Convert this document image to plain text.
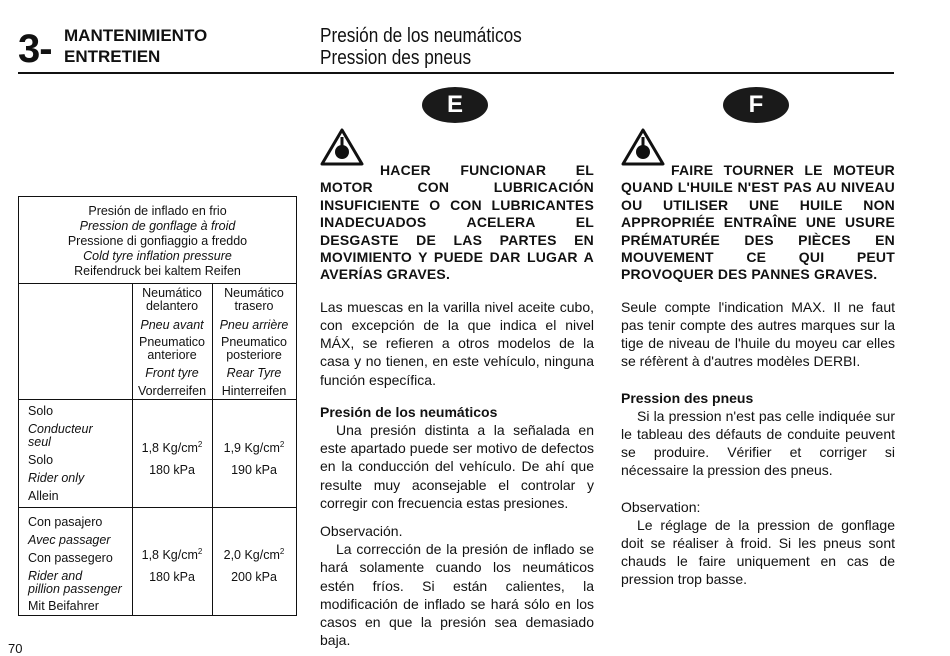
3- MANTENIMIENTO
ENTRETIEN
Presión de los neumáticos
Pression des pneus
E	F
Presión de inflado en frio
Pression de gonflage à froid
Pressione di gonfiaggio a freddo
Cold tyre inflation pressure
Reifendruck bei kaltem Reifen
Neumático
delantero
Pneu avant
Pneumatico
anteriore
Front tyre
Vorderreifen
Neumático
trasero
Pneu arrière
Pneumatico
posteriore
Rear Tyre
Hinterreifen
Solo
Conducteur
seul
Solo
Rider only
Allein
1,8 $Kg/cm^2$
180 kPa
1,9 $Kg/cm^2$
190 kPa
Con pasajero
Avec passager
Con passegero
Rider and
pillion passenger
Mit Beifahrer
1,8 $Kg/cm^2$
180 kPa
2,0 $Kg/cm^2$
200 kPa
HACER FUNCIONAR EL MOTOR CON LUBRICACIÓN INSUFICIENTE O CON LUBRICANTES INADECUADOS ACELERA EL DESGASTE DE LAS PARTES EN MOVIMIENTO Y PUEDE DAR LUGAR A AVERÍAS GRAVES.
Las muescas en la varilla nivel aceite cubo, con excepción de la que indica el nivel MÁX, se refieren a otros modelos de la casa y no tienen, en este vehículo, ninguna función específica.
Presión de los neumáticos
Una presión distinta a la señalada en este apartado puede ser motivo de defectos en la conducción del vehículo. De ahí que resulte muy aconsejable el controlar y corregir con frecuencia estas presiones.
Observación.
La corrección de la presión de inflado se hará solamente cuando los neumáticos estén fríos. Si están calientes, la modificación de inflado se hará sólo en los casos en que la presión sea demasiado baja.
FAIRE TOURNER LE MOTEUR QUAND L'HUILE N'EST PAS AU NIVEAU OU UTILISER UNE HUILE NON APPROPRIÉE ENTRAÎNE UNE USURE PRÉMATURÉE DES PIÈCES EN MOUVEMENT CE QUI PEUT PROVOQUER DES PANNES GRAVES.
Seule compte l'indication MAX. Il ne faut pas tenir compte des autres marques sur la tige de niveau de l'huile du moyeu car elles se réfèrent à d'autres modèles DERBI.
Pression des pneus
Si la pression n'est pas celle indiquée sur le tableau des défauts de conduite peuvent se produire. Vérifier et corriger si nécessaire la pression des pneus.
Observation:
Le réglage de la pression de gonflage doit se réaliser à froid. Si les pneus sont chauds le faire uniquement en cas de pression trop basse.
70
